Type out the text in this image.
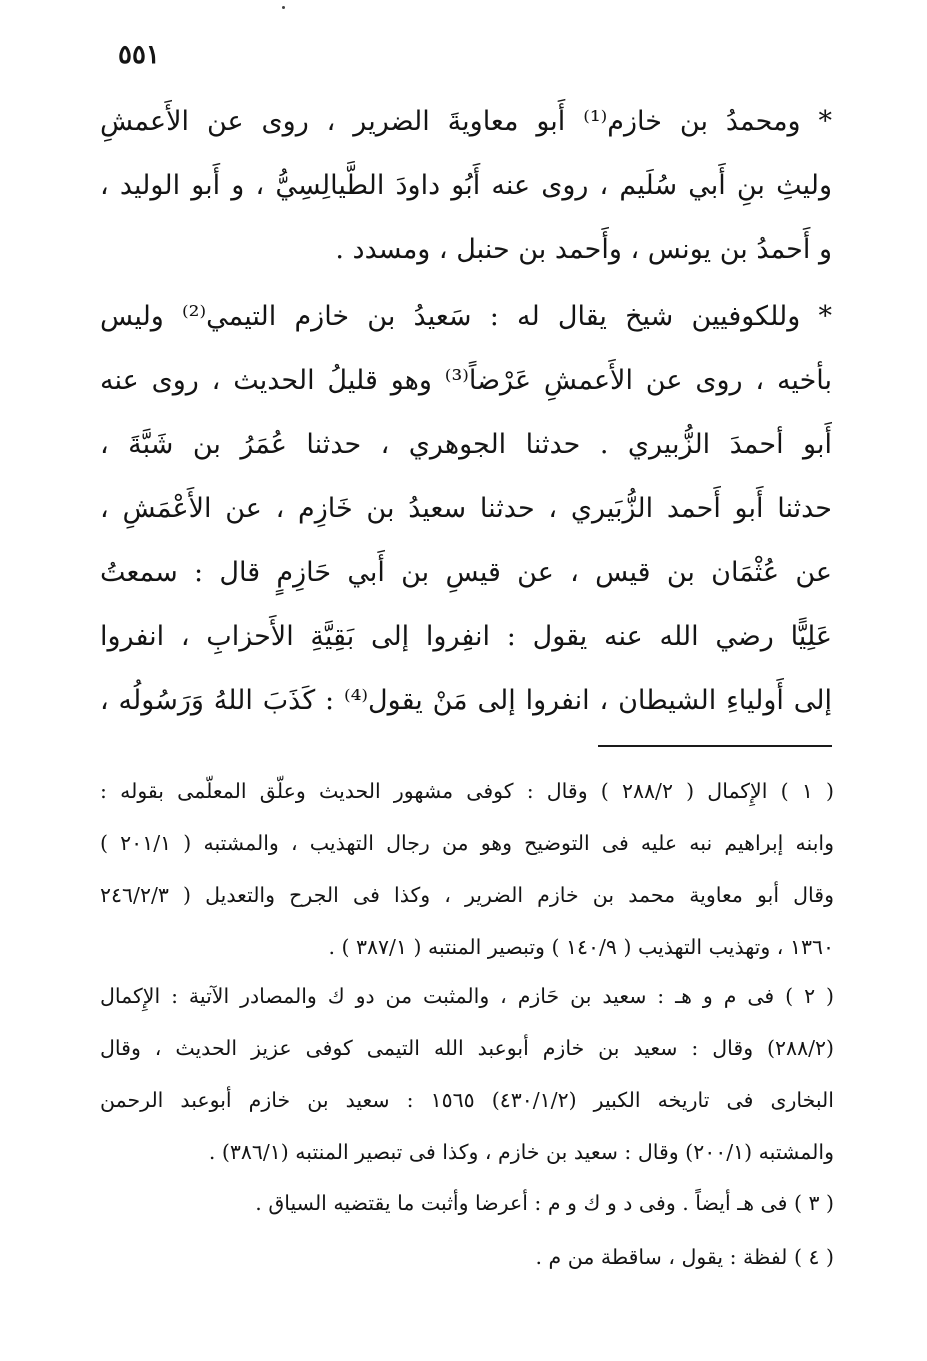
٥٥١
* ومحمدُ بن خازم⁽¹⁾ أَبو معاويةَ الضرير ، روى عن الأَعمشِ
وليثِ بنِ أَبي سُلَيم ، روى عنه أَبُو داودَ الطَّيالِسِيُّ ، و أَبو الوليد ،
و أَحمدُ بن يونس ، وأَحمد بن حنبل ، ومسدد .
* وللكوفيين شيخ يقال له : سَعيدُ بن خازم التيمي⁽²⁾ وليس
بأخيه ، روى عن الأَعمشِ عَرْضاً⁽³⁾ وهو قليلُ الحديث ، روى عنه
أَبو أحمدَ الزُّبيري . حدثنا الجوهري ، حدثنا عُمَرُ بن شَبَّةَ ،
حدثنا أَبو أَحمد الزُّبَيري ، حدثنا سعيدُ بن خَازِم ، عن الأَعْمَشِ ،
عن عُثْمَان بن قيس ، عن قيسِ بن أَبي حَازِمٍ قال : سمعتُ
عَلِيًّا رضي الله عنه يقول : انفِروا إلى بَقِيَّةِ الأَحزابِ ، انفروا
إلى أَولياءِ الشيطان ، انفروا إلى مَنْ يقول⁽⁴⁾ : كَذَبَ اللهُ وَرَسُولُه ،
( ١ ) الإِكمال ( ٢٨٨/٢ ) وقال : كوفى مشهور الحديث وعلّق المعلّمى بقوله :
وابنه إبراهيم نبه عليه فى التوضيح وهو من رجال التهذيب ، والمشتبه ( ٢٠١/١ )
وقال أبو معاوية محمد بن خازم الضرير ، وكذا فى الجرح والتعديل ( ٢٤٦/٢/٣
١٣٦٠ ، وتهذيب التهذيب ( ١٤٠/٩ ) وتبصير المنتبه ( ٣٨٧/١ ) .
( ٢ ) فى م و هـ : سعيد بن حَازم ، والمثبت من دو ك والمصادر الآتية : الإِكمال
(٢٨٨/٢) وقال : سعيد بن خازم أبوعبد الله التيمى كوفى عزيز الحديث ، وقال
البخارى فى تاريخه الكبير (٤٣٠/١/٢) ١٥٦٥ : سعيد بن خازم أبوعبد الرحمن
والمشتبه (٢٠٠/١) وقال : سعيد بن خازم ، وكذا فى تبصير المنتبه (٣٨٦/١) .
( ٣ ) فى هـ أيضاً . وفى د و ك و م : أعرضا وأثبت ما يقتضيه السياق .
( ٤ ) لفظة : يقول ، ساقطة من م .
